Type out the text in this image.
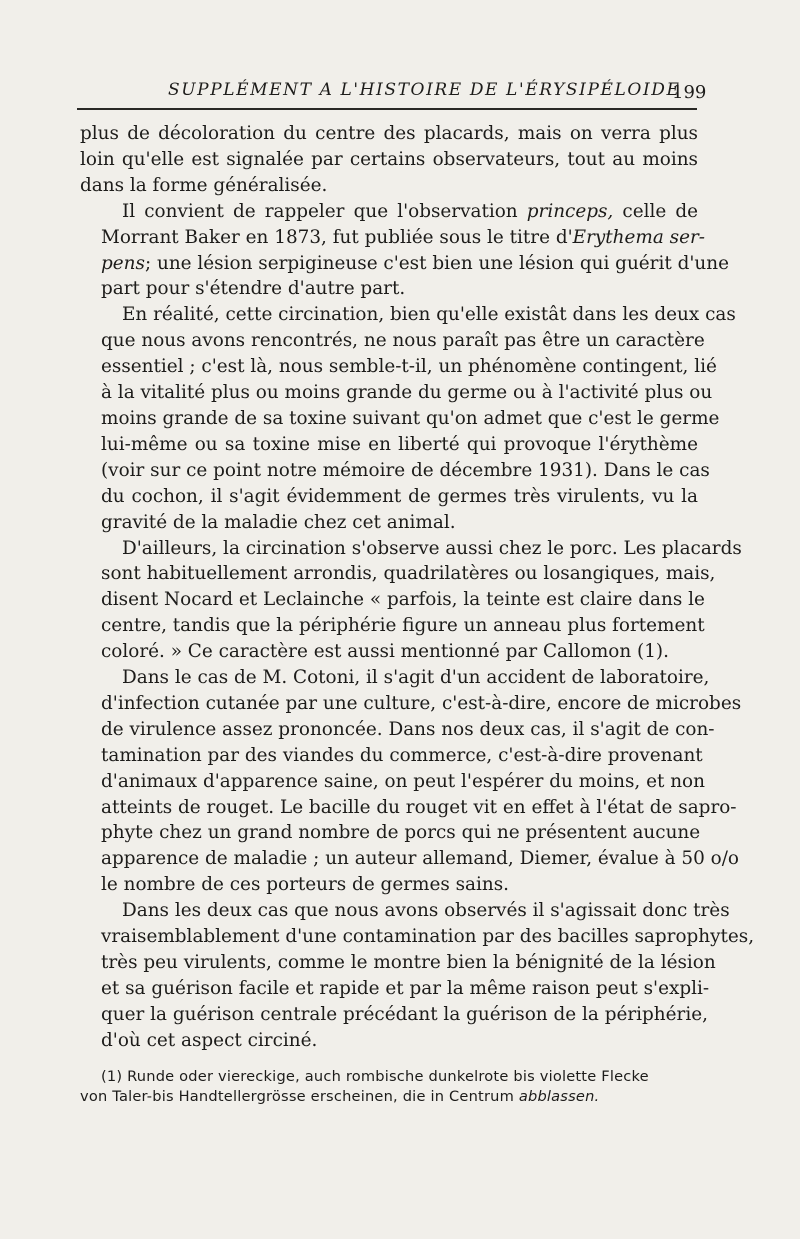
SUPPLÉMENT A L'HISTOIRE DE L'ÉRYSIPÉLOIDE
199

plus de décoloration du centre des placards, mais on verra plus
loin qu'elle est signalée par certains observateurs, tout au moins
dans la forme généralisée.

Il convient de rappeler que l'observation princeps, celle de
Morrant Baker en 1873, fut publiée sous le titre d'Erythema ser-
pens; une lésion serpigineuse c'est bien une lésion qui guérit d'une
part pour s'étendre d'autre part.

En réalité, cette circination, bien qu'elle existât dans les deux cas
que nous avons rencontrés, ne nous paraît pas être un caractère
essentiel ; c'est là, nous semble-t-il, un phénomène contingent, lié
à la vitalité plus ou moins grande du germe ou à l'activité plus ou
moins grande de sa toxine suivant qu'on admet que c'est le germe
lui-même ou sa toxine mise en liberté qui provoque l'érythème
(voir sur ce point notre mémoire de décembre 1931). Dans le cas
du cochon, il s'agit évidemment de germes très virulents, vu la
gravité de la maladie chez cet animal.

D'ailleurs, la circination s'observe aussi chez le porc. Les placards
sont habituellement arrondis, quadrilatères ou losangiques, mais,
disent Nocard et Leclainche « parfois, la teinte est claire dans le
centre, tandis que la périphérie figure un anneau plus fortement
coloré. » Ce caractère est aussi mentionné par Callomon (1).

Dans le cas de M. Cotoni, il s'agit d'un accident de laboratoire,
d'infection cutanée par une culture, c'est-à-dire, encore de microbes
de virulence assez prononcée. Dans nos deux cas, il s'agit de con-
tamination par des viandes du commerce, c'est-à-dire provenant
d'animaux d'apparence saine, on peut l'espérer du moins, et non
atteints de rouget. Le bacille du rouget vit en effet à l'état de sapro-
phyte chez un grand nombre de porcs qui ne présentent aucune
apparence de maladie ; un auteur allemand, Diemer, évalue à 50 o/o
le nombre de ces porteurs de germes sains.

Dans les deux cas que nous avons observés il s'agissait donc très
vraisemblablement d'une contamination par des bacilles saprophytes,
très peu virulents, comme le montre bien la bénignité de la lésion
et sa guérison facile et rapide et par la même raison peut s'expli-
quer la guérison centrale précédant la guérison de la périphérie,
d'où cet aspect circiné.

(1) Runde oder viereckige, auch rombische dunkelrote bis violette Flecke
von Taler-bis Handtellergrösse erscheinen, die in Centrum abblassen.
